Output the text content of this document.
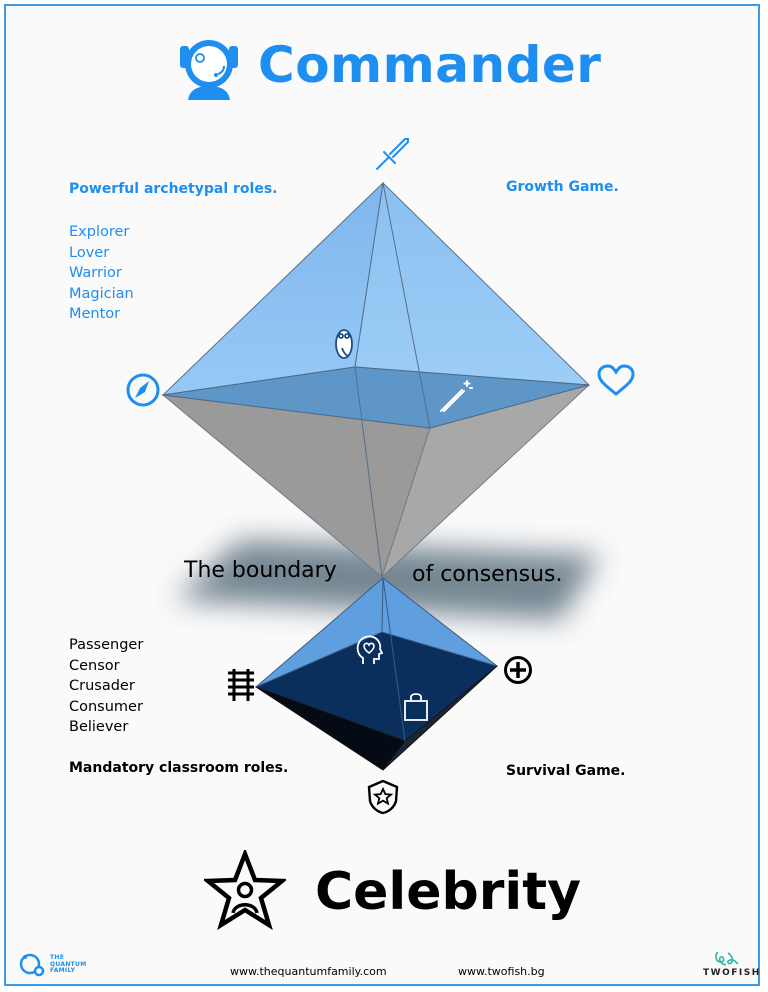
Commander
Powerful archetypal roles.	Growth Game.
Explorer
Lover
Warrior
Magician
Mentor
The boundary	of consensus.
Passenger
Censor
Crusader
Consumer
Believer
Mandatory classroom roles.	Survival Game.
Celebrity
THE
QUANTUM
FAMILY	www.thequantumfamily.com	www.twofish.bg	TWOFISH
